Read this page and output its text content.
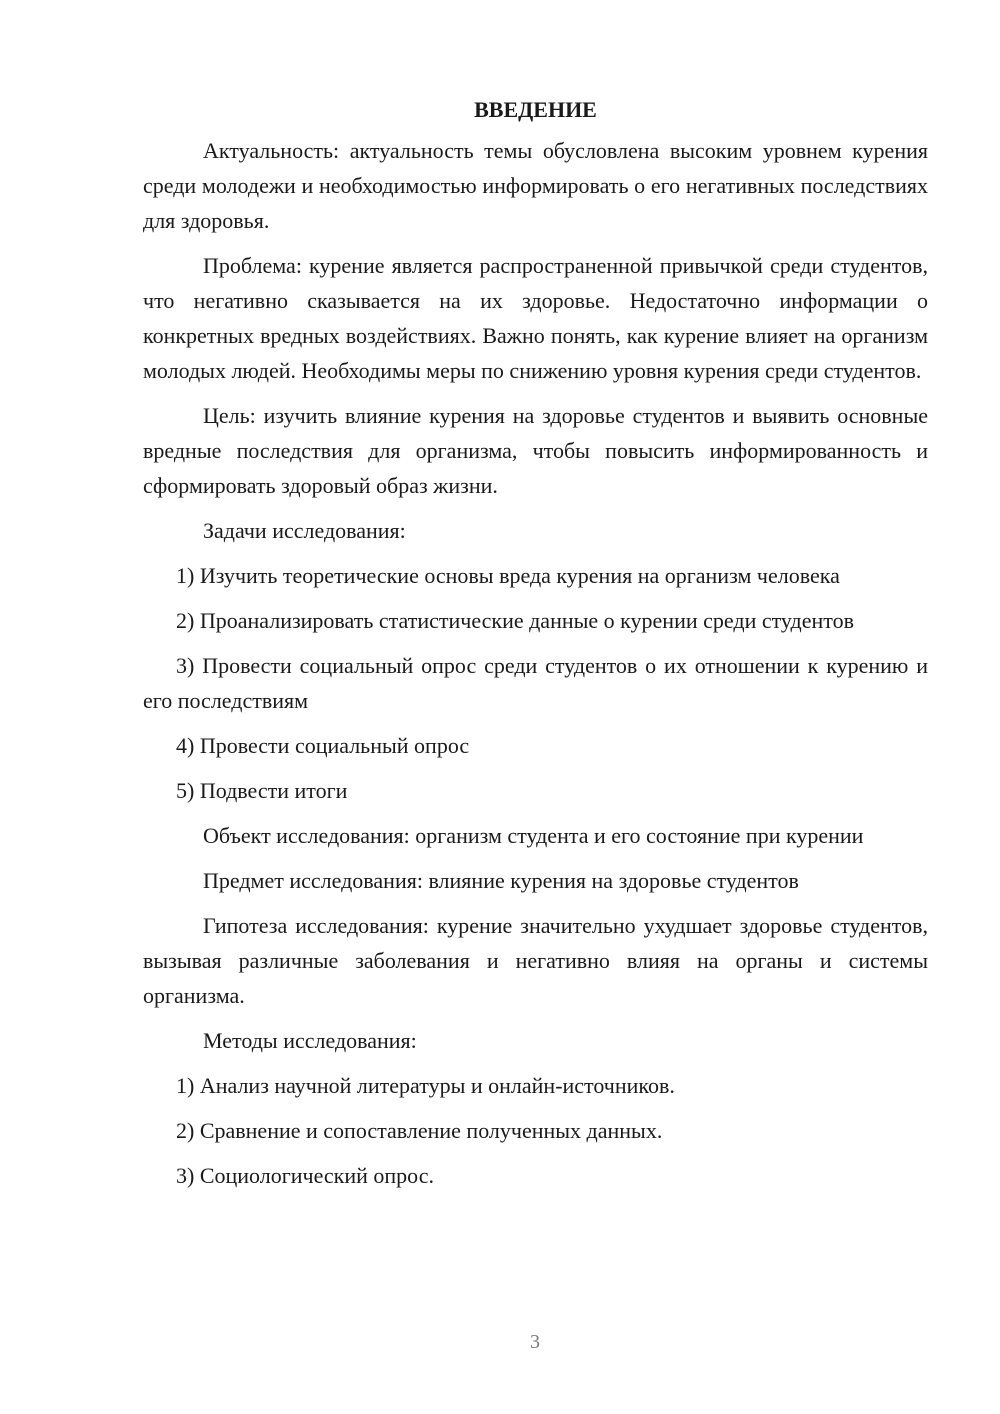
ВВЕДЕНИЕ

Актуальность: актуальность темы обусловлена высоким уровнем курения среди молодежи и необходимостью информировать о его негативных последствиях для здоровья.

Проблема: курение является распространенной привычкой среди студентов, что негативно сказывается на их здоровье. Недостаточно информации о конкретных вредных воздействиях. Важно понять, как курение влияет на организм молодых людей. Необходимы меры по снижению уровня курения среди студентов.

Цель: изучить влияние курения на здоровье студентов и выявить основные вредные последствия для организма, чтобы повысить информированность и сформировать здоровый образ жизни.

Задачи исследования:

1) Изучить теоретические основы вреда курения на организм человека

2) Проанализировать статистические данные о курении среди студентов

3) Провести социальный опрос среди студентов о их отношении к курению и его последствиям

4) Провести социальный опрос

5) Подвести итоги

Объект исследования: организм студента и его состояние при курении

Предмет исследования: влияние курения на здоровье студентов

Гипотеза исследования: курение значительно ухудшает здоровье студентов, вызывая различные заболевания и негативно влияя на органы и системы организма.

Методы исследования:

1) Анализ научной литературы и онлайн-источников.

2) Сравнение и сопоставление полученных данных.

3) Социологический опрос.

3
